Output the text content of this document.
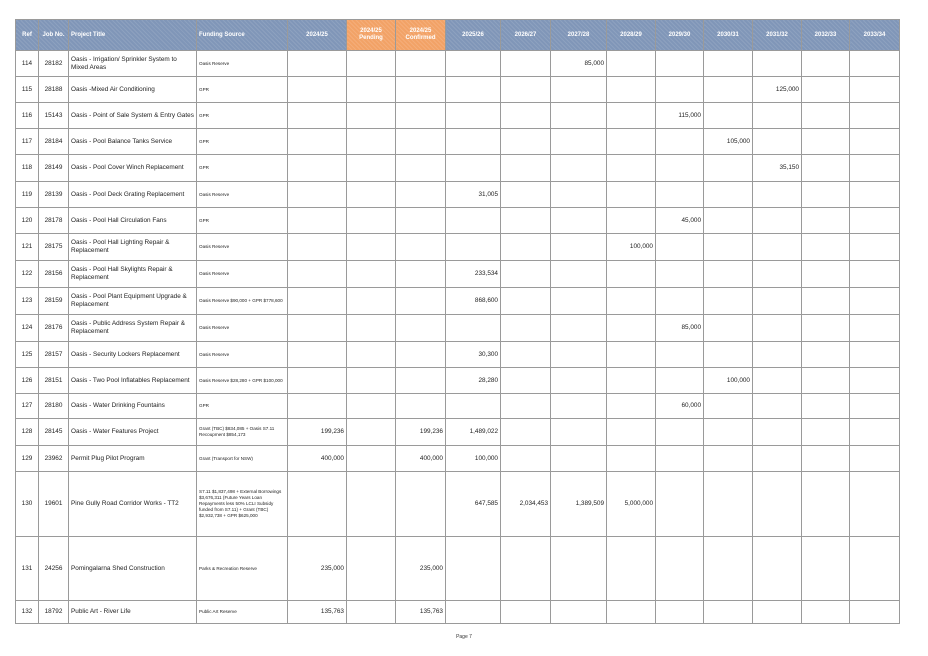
Ref	Job No.	Project Title	Funding Source	2024/25	2024/25 Pending	2024/25 Confirmed	2025/26	2026/27	2027/28	2028/29	2029/30	2030/31	2031/32	2032/33	2033/34
114	28182	Oasis - Irrigation/ Sprinkler System to Mixed Areas	Oasis Reserve						85,000						
115	28188	Oasis -Mixed Air Conditioning	GPR										125,000		
116	15143	Oasis - Point of Sale System & Entry Gates	GPR								115,000				
117	28184	Oasis - Pool Balance Tanks Service	GPR									105,000			
118	28149	Oasis - Pool Cover Winch Replacement	GPR										35,150		
119	28139	Oasis - Pool Deck Grating Replacement	Oasis Reserve				31,005								
120	28178	Oasis - Pool Hall Circulation Fans	GPR								45,000				
121	28175	Oasis - Pool Hall Lighting Repair & Replacement	Oasis Reserve							100,000					
122	28156	Oasis - Pool Hall Skylights Repair & Replacement	Oasis Reserve				233,534								
123	28159	Oasis - Pool Plant Equipment Upgrade & Replacement	Oasis Reserve $90,000 + GPR $778,600				868,600								
124	28176	Oasis - Public Address System Repair & Replacement	Oasis Reserve								85,000				
125	28157	Oasis - Security Lockers Replacement	Oasis Reserve				30,300								
126	28151	Oasis - Two Pool Inflatables Replacement	Oasis Reserve $28,280 + GPR $100,000				28,280					100,000			
127	28180	Oasis - Water Drinking Fountains	GPR								60,000				
128	28145	Oasis - Water Features Project	Grant (TBC) $834,085 + Oasis S7.11 Recoupment $854,173	199,236		199,236	1,489,022								
129	23962	Permit Plug Pilot Program	Grant (Transport for NSW)	400,000		400,000	100,000								
130	19601	Pine Gully Road Corridor Works - TT2	S7.11 $1,837,498 + External Borrowings $3,676,311 (Future Years Loan Repayments less 50% LCLI Subsidy funded from S7.11) + Grant (TBC) $2,932,738 + GPR $625,000				647,585	2,034,453	1,389,509	5,000,000					
131	24256	Pomingalarna Shed Construction	Parks & Recreation Reserve	235,000		235,000									
132	18792	Public Art - River Life	Public Art Reserve	135,763		135,763									
Page 7
